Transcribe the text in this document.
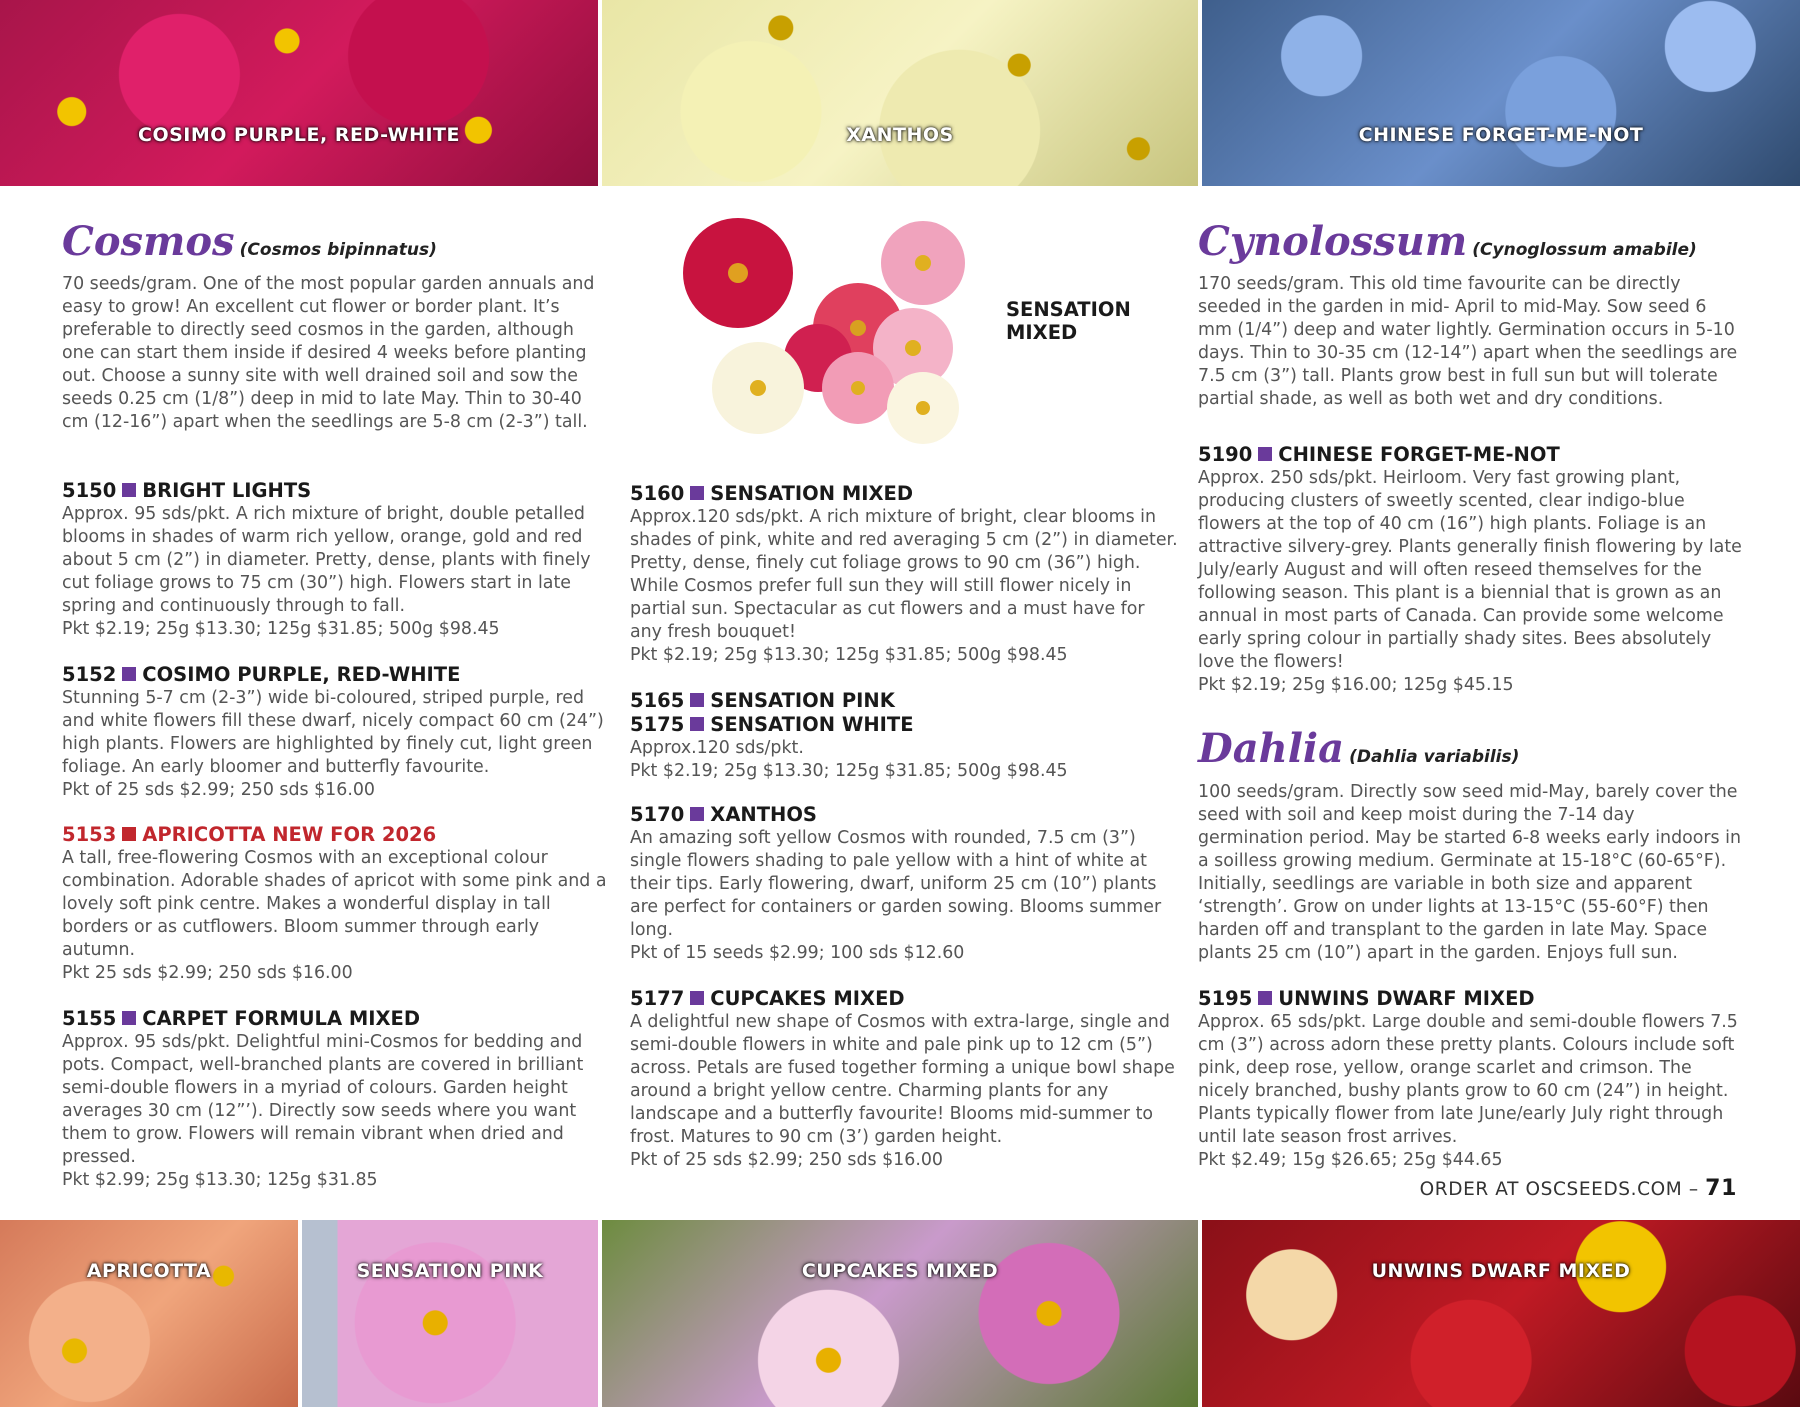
COSIMO PURPLE, RED-WHITE	XANTHOS	CHINESE FORGET-ME-NOT
Cosmos (Cosmos bipinnatus)

70 seeds/gram. One of the most popular garden annuals and easy to grow! An excellent cut flower or border plant. It’s preferable to directly seed cosmos in the garden, although one can start them inside if desired 4 weeks before planting out. Choose a sunny site with well drained soil and sow the seeds 0.25 cm (1/8”) deep in mid to late May. Thin to 30-40 cm (12-16”) apart when the seedlings are 5-8 cm (2-3”) tall.

5150 BRIGHT LIGHTS

Approx. 95 sds/pkt. A rich mixture of bright, double petalled blooms in shades of warm rich yellow, orange, gold and red about 5 cm (2”) in diameter. Pretty, dense, plants with finely cut foliage grows to 75 cm (30”) high. Flowers start in late spring and continuously through to fall.

Pkt $2.19; 25g $13.30; 125g $31.85; 500g $98.45

5152 COSIMO PURPLE, RED-WHITE

Stunning 5-7 cm (2-3”) wide bi-coloured, striped purple, red and white flowers fill these dwarf, nicely compact 60 cm (24”) high plants. Flowers are highlighted by finely cut, light green foliage. An early bloomer and butterfly favourite.

Pkt of 25 sds $2.99; 250 sds $16.00

5153 APRICOTTA NEW FOR 2026

A tall, free-flowering Cosmos with an exceptional colour combination. Adorable shades of apricot with some pink and a lovely soft pink centre. Makes a wonderful display in tall borders or as cutflowers. Bloom summer through early autumn.

Pkt 25 sds $2.99; 250 sds $16.00

5155 CARPET FORMULA MIXED

Approx. 95 sds/pkt. Delightful mini-Cosmos for bedding and pots. Compact, well-branched plants are covered in brilliant semi-double flowers in a myriad of colours. Garden height averages 30 cm (12”’). Directly sow seeds where you want them to grow. Flowers will remain vibrant when dried and pressed.

Pkt $2.99; 25g $13.30; 125g $31.85

SENSATION MIXED
5160 SENSATION MIXED

Approx.120 sds/pkt. A rich mixture of bright, clear blooms in shades of pink, white and red averaging 5 cm (2”) in diameter. Pretty, dense, finely cut foliage grows to 90 cm (36”) high. While Cosmos prefer full sun they will still flower nicely in partial sun. Spectacular as cut flowers and a must have for any fresh bouquet!

Pkt $2.19; 25g $13.30; 125g $31.85; 500g $98.45

5165 SENSATION PINK
5175 SENSATION WHITE

Approx.120 sds/pkt.

Pkt $2.19; 25g $13.30; 125g $31.85; 500g $98.45

5170 XANTHOS

An amazing soft yellow Cosmos with rounded, 7.5 cm (3”) single flowers shading to pale yellow with a hint of white at their tips. Early flowering, dwarf, uniform 25 cm (10”) plants are perfect for containers or garden sowing. Blooms summer long.

Pkt of 15 seeds $2.99; 100 sds $12.60

5177 CUPCAKES MIXED

A delightful new shape of Cosmos with extra-large, single and semi-double flowers in white and pale pink up to 12 cm (5”) across. Petals are fused together forming a unique bowl shape around a bright yellow centre. Charming plants for any landscape and a butterfly favourite! Blooms mid-summer to frost. Matures to 90 cm (3’) garden height.

Pkt of 25 sds $2.99; 250 sds $16.00

Cynolossum (Cynoglossum amabile)

170 seeds/gram. This old time favourite can be directly seeded in the garden in mid- April to mid-May. Sow seed 6 mm (1/4”) deep and water lightly. Germination occurs in 5-10 days. Thin to 30-35 cm (12-14”) apart when the seedlings are 7.5 cm (3”) tall. Plants grow best in full sun but will tolerate partial shade, as well as both wet and dry conditions.

5190 CHINESE FORGET-ME-NOT

Approx. 250 sds/pkt. Heirloom. Very fast growing plant, producing clusters of sweetly scented, clear indigo-blue flowers at the top of 40 cm (16”) high plants. Foliage is an attractive silvery-grey. Plants generally finish flowering by late July/early August and will often reseed themselves for the following season. This plant is a biennial that is grown as an annual in most parts of Canada. Can provide some welcome early spring colour in partially shady sites. Bees absolutely love the flowers!

Pkt $2.19; 25g $16.00; 125g $45.15

Dahlia (Dahlia variabilis)

100 seeds/gram. Directly sow seed mid-May, barely cover the seed with soil and keep moist during the 7-14 day germination period. May be started 6-8 weeks early indoors in a soilless growing medium. Germinate at 15-18°C (60-65°F). Initially, seedlings are variable in both size and apparent ‘strength’. Grow on under lights at 13-15°C (55-60°F) then harden off and transplant to the garden in late May. Space plants 25 cm (10”) apart in the garden. Enjoys full sun.

5195 UNWINS DWARF MIXED

Approx. 65 sds/pkt. Large double and semi-double flowers 7.5 cm (3”) across adorn these pretty plants. Colours include soft pink, deep rose, yellow, orange scarlet and crimson. The nicely branched, bushy plants grow to 60 cm (24”) in height. Plants typically flower from late June/early July right through until late season frost arrives.

Pkt $2.49; 15g $26.65; 25g $44.65

ORDER AT OSCSEEDS.COM – 71
APRICOTTA	SENSATION PINK	CUPCAKES MIXED	UNWINS DWARF MIXED
